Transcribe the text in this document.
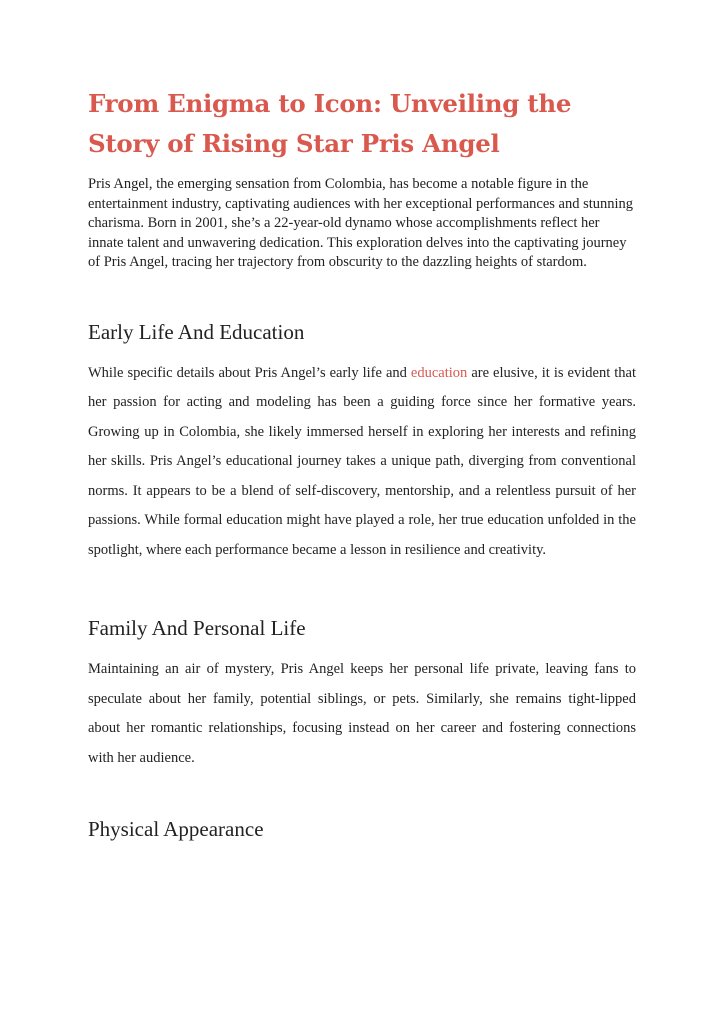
From Enigma to Icon: Unveiling the Story of Rising Star Pris Angel

Pris Angel, the emerging sensation from Colombia, has become a notable figure in the entertainment industry, captivating audiences with her exceptional performances and stunning charisma. Born in 2001, she’s a 22-year-old dynamo whose accomplishments reflect her innate talent and unwavering dedication. This exploration delves into the captivating journey of Pris Angel, tracing her trajectory from obscurity to the dazzling heights of stardom.

Early Life And Education

While specific details about Pris Angel’s early life and education are elusive, it is evident that her passion for acting and modeling has been a guiding force since her formative years. Growing up in Colombia, she likely immersed herself in exploring her interests and refining her skills. Pris Angel’s educational journey takes a unique path, diverging from conventional norms. It appears to be a blend of self-discovery, mentorship, and a relentless pursuit of her passions. While formal education might have played a role, her true education unfolded in the spotlight, where each performance became a lesson in resilience and creativity.

Family And Personal Life

Maintaining an air of mystery, Pris Angel keeps her personal life private, leaving fans to speculate about her family, potential siblings, or pets. Similarly, she remains tight-lipped about her romantic relationships, focusing instead on her career and fostering connections with her audience.

Physical Appearance
